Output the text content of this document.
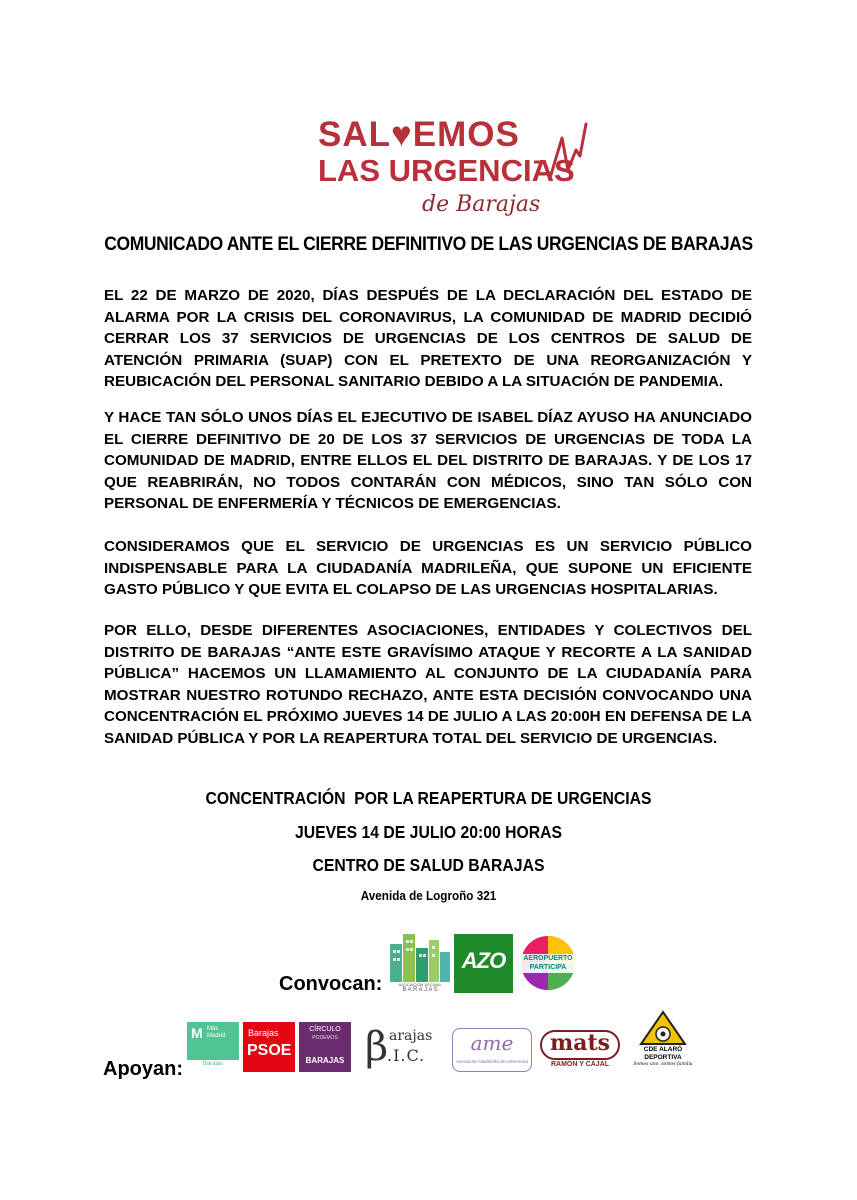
SAL♥EMOS
LAS URGENCIAS
de Barajas
COMUNICADO ANTE EL CIERRE DEFINITIVO DE LAS URGENCIAS DE BARAJAS

EL 22 DE MARZO DE 2020, DÍAS DESPUÉS DE LA DECLARACIÓN DEL ESTADO DE ALARMA POR LA CRISIS DEL CORONAVIRUS, LA COMUNIDAD DE MADRID DECIDIÓ CERRAR LOS 37 SERVICIOS DE URGENCIAS DE LOS CENTROS DE SALUD DE ATENCIÓN PRIMARIA (SUAP) CON EL PRETEXTO DE UNA REORGANIZACIÓN Y REUBICACIÓN DEL PERSONAL SANITARIO DEBIDO A LA SITUACIÓN DE PANDEMIA.

Y HACE TAN SÓLO UNOS DÍAS EL EJECUTIVO DE ISABEL DÍAZ AYUSO HA ANUNCIADO EL CIERRE DEFINITIVO DE 20 DE LOS 37 SERVICIOS DE URGENCIAS DE TODA LA COMUNIDAD DE MADRID, ENTRE ELLOS EL DEL DISTRITO DE BARAJAS. Y DE LOS 17 QUE REABRIRÁN, NO TODOS CONTARÁN CON MÉDICOS, SINO TAN SÓLO CON PERSONAL DE ENFERMERÍA Y TÉCNICOS DE EMERGENCIAS.

CONSIDERAMOS QUE EL SERVICIO DE URGENCIAS ES UN SERVICIO PÚBLICO INDISPENSABLE PARA LA CIUDADANÍA MADRILEÑA, QUE SUPONE UN EFICIENTE GASTO PÚBLICO Y QUE EVITA EL COLAPSO DE LAS URGENCIAS HOSPITALARIAS.

POR ELLO, DESDE DIFERENTES ASOCIACIONES, ENTIDADES Y COLECTIVOS DEL DISTRITO DE BARAJAS “ANTE ESTE GRAVÍSIMO ATAQUE Y RECORTE A LA SANIDAD PÚBLICA” HACEMOS UN LLAMAMIENTO AL CONJUNTO DE LA CIUDADANÍA PARA MOSTRAR NUESTRO ROTUNDO RECHAZO, ANTE ESTA DECISIÓN CONVOCANDO UNA CONCENTRACIÓN EL PRÓXIMO JUEVES 14 DE JULIO A LAS 20:00H EN DEFENSA DE LA SANIDAD PÚBLICA Y POR LA REAPERTURA TOTAL DEL SERVICIO DE URGENCIAS.

CONCENTRACIÓN  POR LA REAPERTURA DE URGENCIAS
JUEVES 14 DE JULIO 20:00 HORAS
CENTRO DE SALUD BARAJAS
Avenida de Logroño 321
Convocan:	ASOCIACIÓN VECINAL
B A R A J A S
AZO	AEROPUERTO
PARTICIPA
Apoyan:
M Más
Madrid
Barajas
Barajas
PSOE
CÍRCULO
PODEMOS
BARAJAS β arajas
.I.C.
ame
Asociación Madrileña de enfermería
mats
RAMÓN Y CAJAL
CDE ALARÓ
DEPORTIVA
Somos uno, somos familia
